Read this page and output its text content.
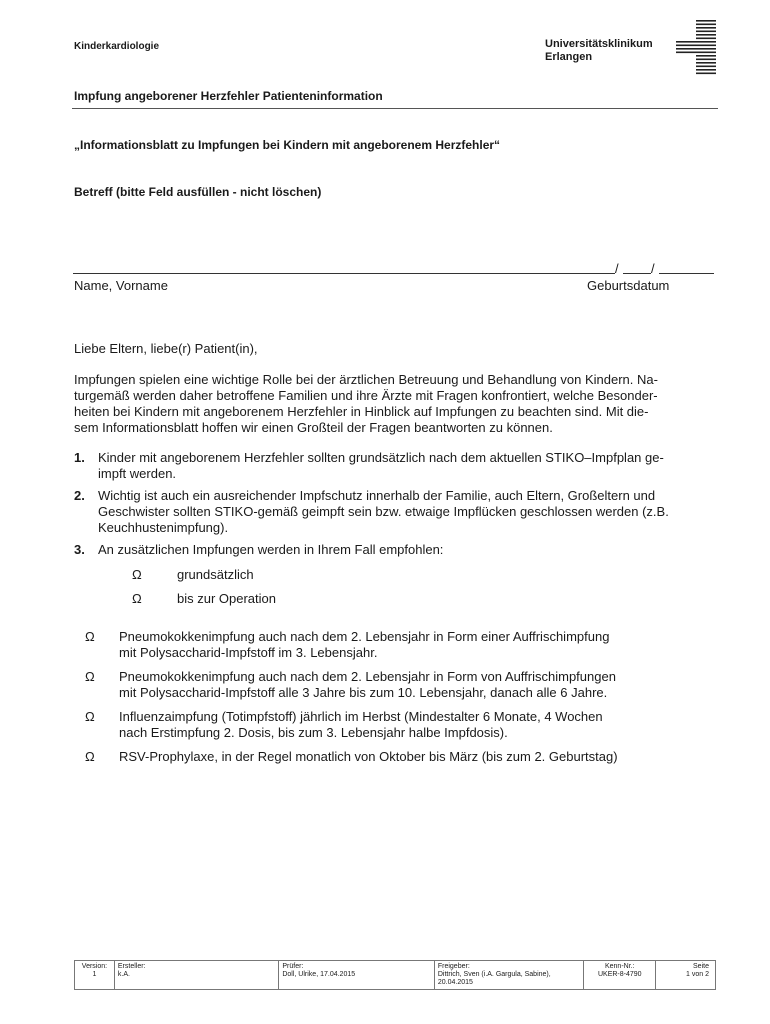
Kinderkardiologie	Universitätsklinikum
Erlangen
Impfung angeborener Herzfehler Patienteninformation
„Informationsblatt zu Impfungen bei Kindern mit angeborenem Herzfehler“
Betreff (bitte Feld ausfüllen - nicht löschen)
/ /
Name, Vorname	Geburtsdatum
Liebe Eltern, liebe(r) Patient(in),
Impfungen spielen eine wichtige Rolle bei der ärztlichen Betreuung und Behandlung von Kindern. Na-
turgemäß werden daher betroffene Familien und ihre Ärzte mit Fragen konfrontiert, welche Besonder-
heiten bei Kindern mit angeborenem Herzfehler in Hinblick auf Impfungen zu beachten sind. Mit die-
sem Informationsblatt hoffen wir einen Großteil der Fragen beantworten zu können.
1. Kinder mit angeborenem Herzfehler sollten grundsätzlich nach dem aktuellen STIKO–Impfplan ge-
impft werden.
2. Wichtig ist auch ein ausreichender Impfschutz innerhalb der Familie, auch Eltern, Großeltern und
Geschwister sollten STIKO-gemäß geimpft sein bzw. etwaige Impflücken geschlossen werden (z.B.
Keuchhustenimpfung).
3. An zusätzlichen Impfungen werden in Ihrem Fall empfohlen:
Ω	grundsätzlich
Ω	bis zur Operation
Ω Pneumokokkenimpfung auch nach dem 2. Lebensjahr in Form einer Auffrischimpfung
mit Polysaccharid-Impfstoff im 3. Lebensjahr.
Ω Pneumokokkenimpfung auch nach dem 2. Lebensjahr in Form von Auffrischimpfungen
mit Polysaccharid-Impfstoff alle 3 Jahre bis zum 10. Lebensjahr, danach alle 6 Jahre.
Ω Influenzaimpfung (Totimpfstoff) jährlich im Herbst (Mindestalter 6 Monate, 4 Wochen
nach Erstimpfung 2. Dosis, bis zum 3. Lebensjahr halbe Impfdosis).
Ω RSV-Prophylaxe, in der Regel monatlich von Oktober bis März (bis zum 2. Geburtstag)
Version:
1
Ersteller:
k.A.
Prüfer:
Doll, Ulrike, 17.04.2015
Freigeber:
Dittrich, Sven (i.A. Gargula, Sabine),
20.04.2015
Kenn-Nr.:
UKER-8-4790
Seite
1 von 2
